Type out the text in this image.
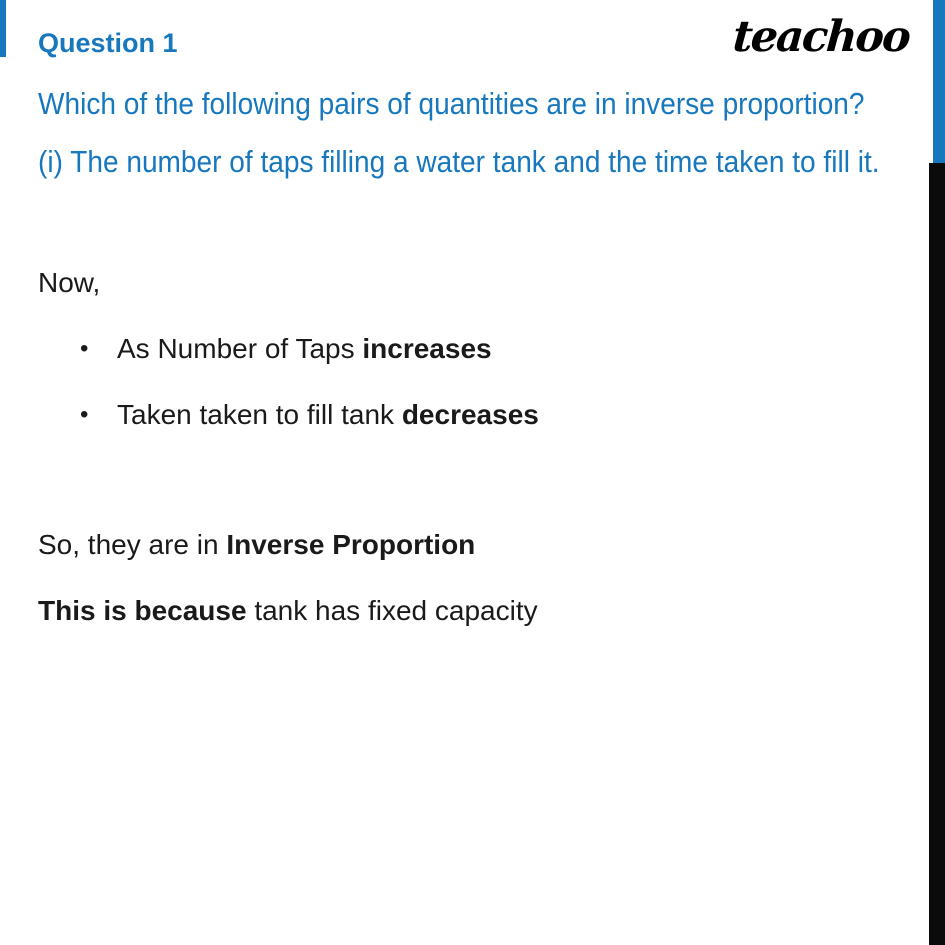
teachoo
Question 1
Which of the following pairs of quantities are in inverse proportion?
(i) The number of taps filling a water tank and the time taken to fill it.
Now,
• As Number of Taps increases
• Taken taken to fill tank decreases
So, they are in Inverse Proportion
This is because tank has fixed capacity
